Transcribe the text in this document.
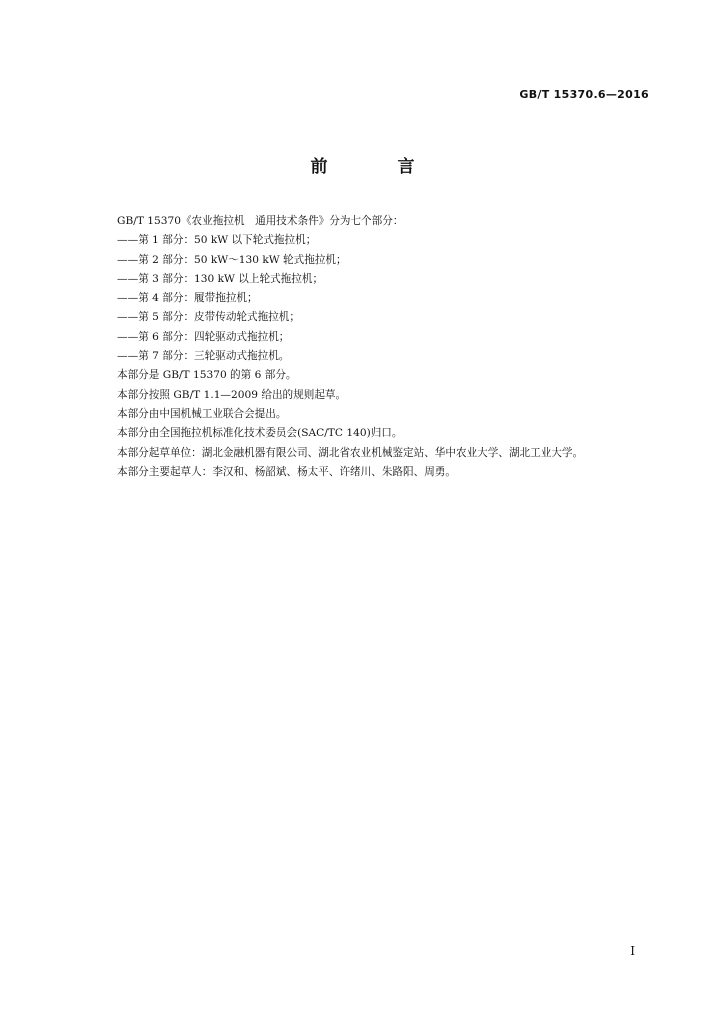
GB/T 15370.6—2016
前 言
GB/T 15370《农业拖拉机　通用技术条件》分为七个部分：
——第 1 部分：50 kW 以下轮式拖拉机；
——第 2 部分：50 kW～130 kW 轮式拖拉机；
——第 3 部分：130 kW 以上轮式拖拉机；
——第 4 部分：履带拖拉机；
——第 5 部分：皮带传动轮式拖拉机；
——第 6 部分：四轮驱动式拖拉机；
——第 7 部分：三轮驱动式拖拉机。
本部分是 GB/T 15370 的第 6 部分。
本部分按照 GB/T 1.1—2009 给出的规则起草。
本部分由中国机械工业联合会提出。
本部分由全国拖拉机标准化技术委员会(SAC/TC 140)归口。
本部分起草单位：湖北金融机器有限公司、湖北省农业机械鉴定站、华中农业大学、湖北工业大学。
本部分主要起草人：李汉和、杨韶斌、杨太平、许绪川、朱路阳、周勇。
I
